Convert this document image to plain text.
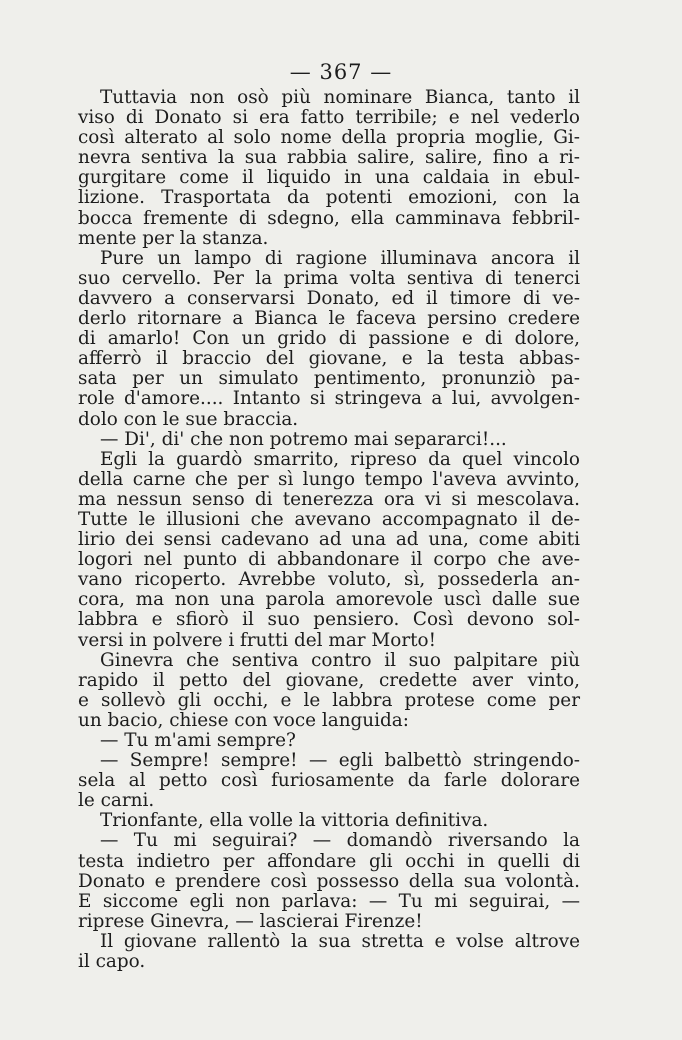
— 367 —
Tuttavia non osò più nominare Bianca, tanto il
viso di Donato si era fatto terribile; e nel vederlo
così alterato al solo nome della propria moglie, Gi-
nevra sentiva la sua rabbia salire, salire, fino a ri-
gurgitare come il liquido in una caldaia in ebul-
lizione. Trasportata da potenti emozioni, con la
bocca fremente di sdegno, ella camminava febbril-
mente per la stanza.
Pure un lampo di ragione illuminava ancora il
suo cervello. Per la prima volta sentiva di tenerci
davvero a conservarsi Donato, ed il timore di ve-
derlo ritornare a Bianca le faceva persino credere
di amarlo! Con un grido di passione e di dolore,
afferrò il braccio del giovane, e la testa abbas-
sata per un simulato pentimento, pronunziò pa-
role d'amore.... Intanto si stringeva a lui, avvolgen-
dolo con le sue braccia.
— Di', di' che non potremo mai separarci!...
Egli la guardò smarrito, ripreso da quel vincolo
della carne che per sì lungo tempo l'aveva avvinto,
ma nessun senso di tenerezza ora vi si mescolava.
Tutte le illusioni che avevano accompagnato il de-
lirio dei sensi cadevano ad una ad una, come abiti
logori nel punto di abbandonare il corpo che ave-
vano ricoperto. Avrebbe voluto, sì, possederla an-
cora, ma non una parola amorevole uscì dalle sue
labbra e sfiorò il suo pensiero. Così devono sol-
versi in polvere i frutti del mar Morto!
Ginevra che sentiva contro il suo palpitare più
rapido il petto del giovane, credette aver vinto,
e sollevò gli occhi, e le labbra protese come per
un bacio, chiese con voce languida:
— Tu m'ami sempre?
— Sempre! sempre! — egli balbettò stringendo-
sela al petto così furiosamente da farle dolorare
le carni.
Trionfante, ella volle la vittoria definitiva.
— Tu mi seguirai? — domandò riversando la
testa indietro per affondare gli occhi in quelli di
Donato e prendere così possesso della sua volontà.
E siccome egli non parlava: — Tu mi seguirai, —
riprese Ginevra, — lascierai Firenze!
Il giovane rallentò la sua stretta e volse altrove
il capo.
